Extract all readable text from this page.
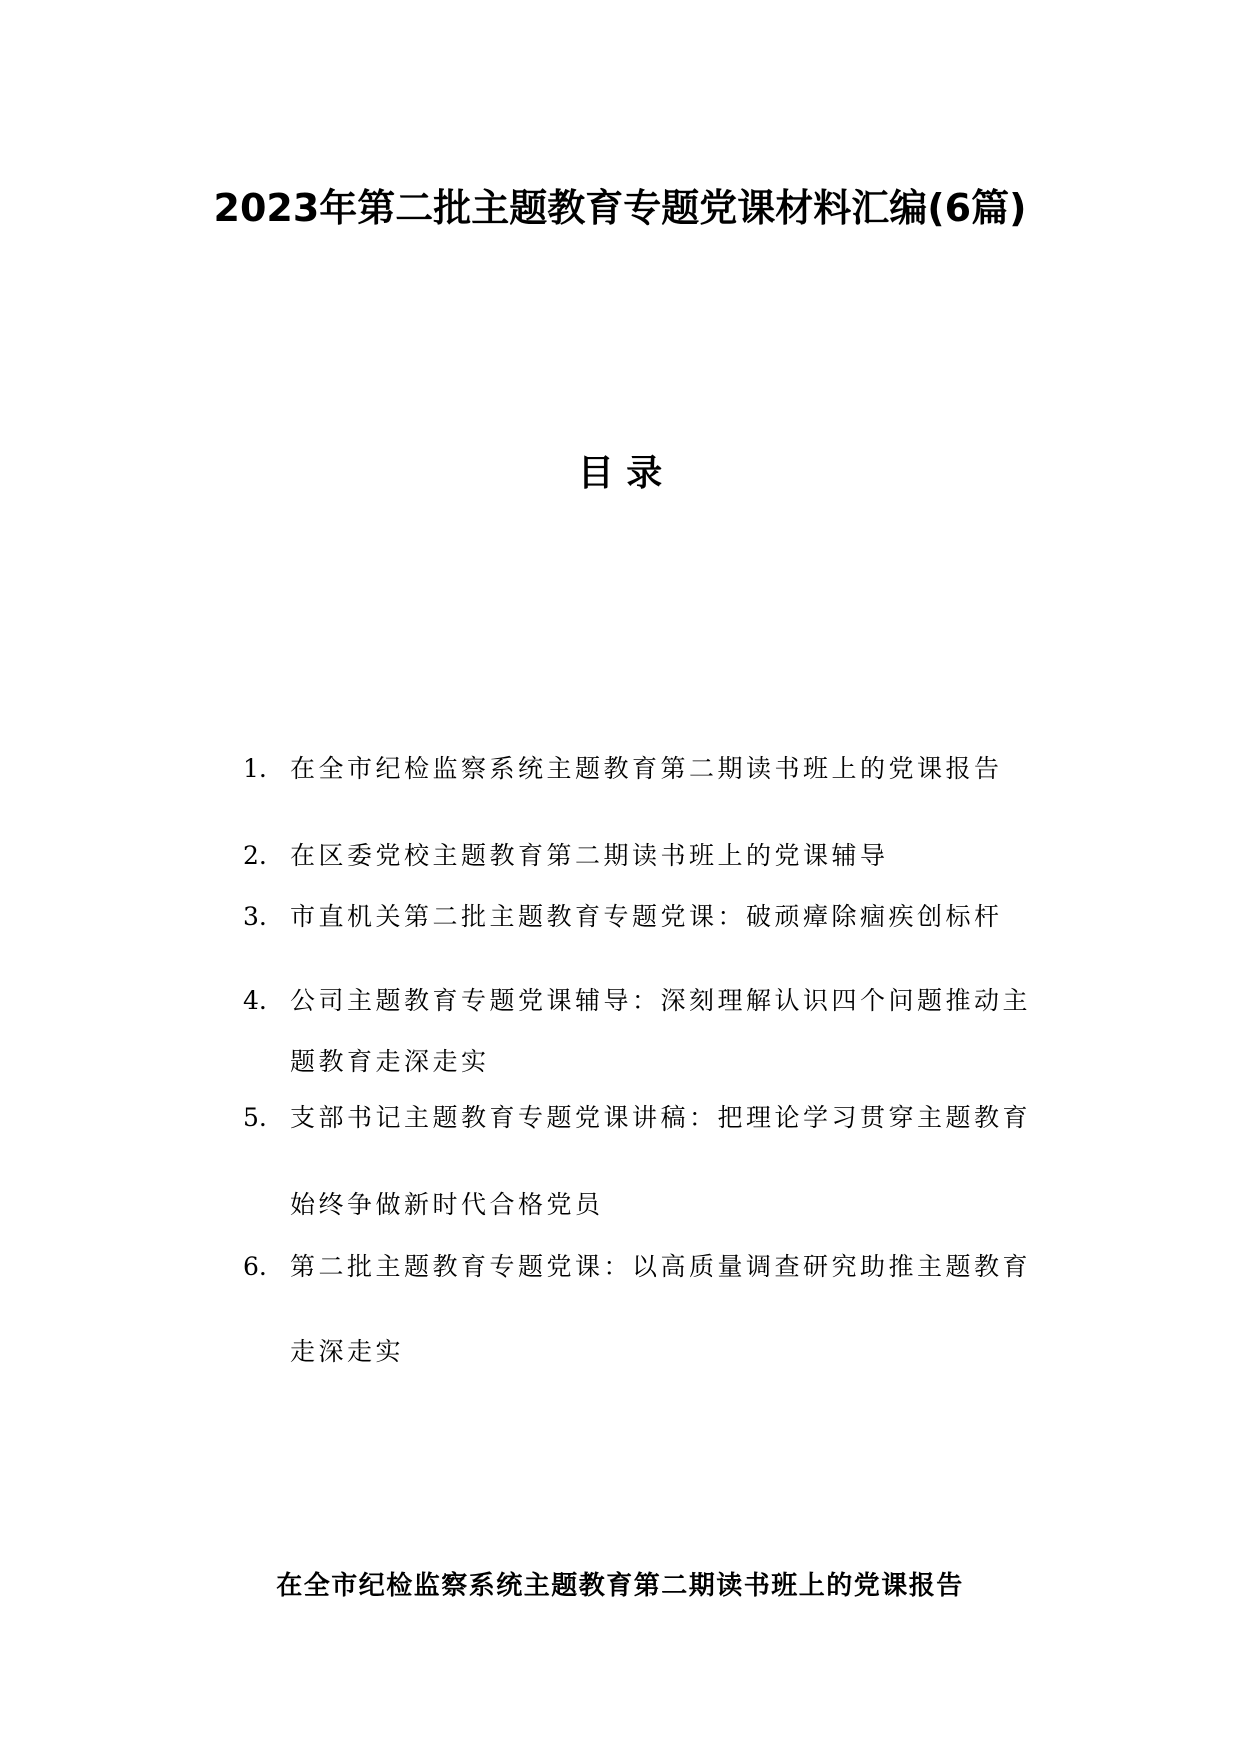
2023年第二批主题教育专题党课材料汇编(6篇)
目 录
1. 在全市纪检监察系统主题教育第二期读书班上的党课报告
2. 在区委党校主题教育第二期读书班上的党课辅导
3. 市直机关第二批主题教育专题党课：破顽瘴除痼疾创标杆
4. 公司主题教育专题党课辅导：深刻理解认识四个问题推动主
题教育走深走实
5. 支部书记主题教育专题党课讲稿：把理论学习贯穿主题教育
始终争做新时代合格党员
6. 第二批主题教育专题党课：以高质量调查研究助推主题教育
走深走实
在全市纪检监察系统主题教育第二期读书班上的党课报告
